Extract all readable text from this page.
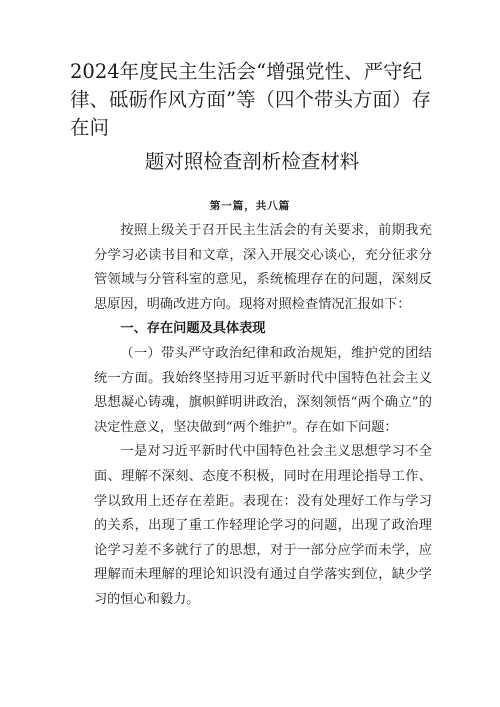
2024年度民主生活会“增强党性、严守纪
律、砥砺作风方面”等（四个带头方面）存
在问
题对照检查剖析检查材料
第一篇，共八篇

按照上级关于召开民主生活会的有关要求，前期我充分学习必读书目和文章，深入开展交心谈心，充分征求分管领域与分管科室的意见，系统梳理存在的问题，深刻反思原因，明确改进方向。现将对照检查情况汇报如下：

一、存在问题及具体表现

（一）带头严守政治纪律和政治规矩，维护党的团结统一方面。我始终坚持用习近平新时代中国特色社会主义思想凝心铸魂，旗帜鲜明讲政治，深刻领悟“两个确立”的决定性意义，坚决做到“两个维护”。存在如下问题：

一是对习近平新时代中国特色社会主义思想学习不全面、理解不深刻、态度不积极，同时在用理论指导工作、学以致用上还存在差距。表现在：没有处理好工作与学习的关系，出现了重工作轻理论学习的问题，出现了政治理论学习差不多就行了的思想，对于一部分应学而未学，应理解而未理解的理论知识没有通过自学落实到位，缺少学习的恒心和毅力。
